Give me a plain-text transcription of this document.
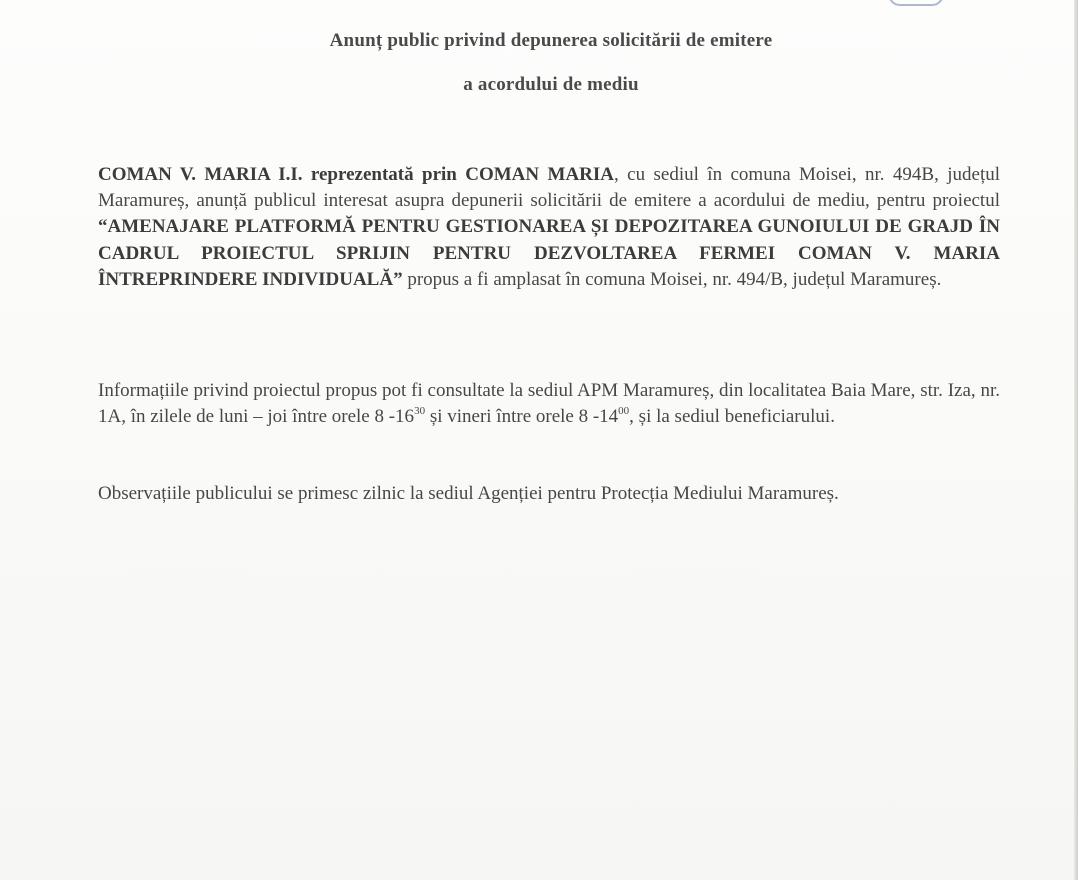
Anunț public privind depunerea solicitării de emitere
a acordului de mediu
COMAN V. MARIA I.I. reprezentată prin COMAN MARIA, cu sediul în comuna Moisei, nr. 494B, județul Maramureș, anunță publicul interesat asupra depunerii solicitării de emitere a acordului de mediu, pentru proiectul “AMENAJARE PLATFORMĂ PENTRU GESTIONAREA ȘI DEPOZITAREA GUNOIULUI DE GRAJD ÎN CADRUL PROIECTUL SPRIJIN PENTRU DEZVOLTAREA FERMEI COMAN V. MARIA ÎNTREPRINDERE INDIVIDUALĂ” propus a fi amplasat în comuna Moisei, nr. 494/B, județul Maramureș.
Informațiile privind proiectul propus pot fi consultate la sediul APM Maramureș, din localitatea Baia Mare, str. Iza, nr. 1A, în zilele de luni – joi între orele 8 $-16^{30}$ și vineri între orele 8 $-14^{00}$, și la sediul beneficiarului.
Observațiile publicului se primesc zilnic la sediul Agenției pentru Protecția Mediului Maramureș.
